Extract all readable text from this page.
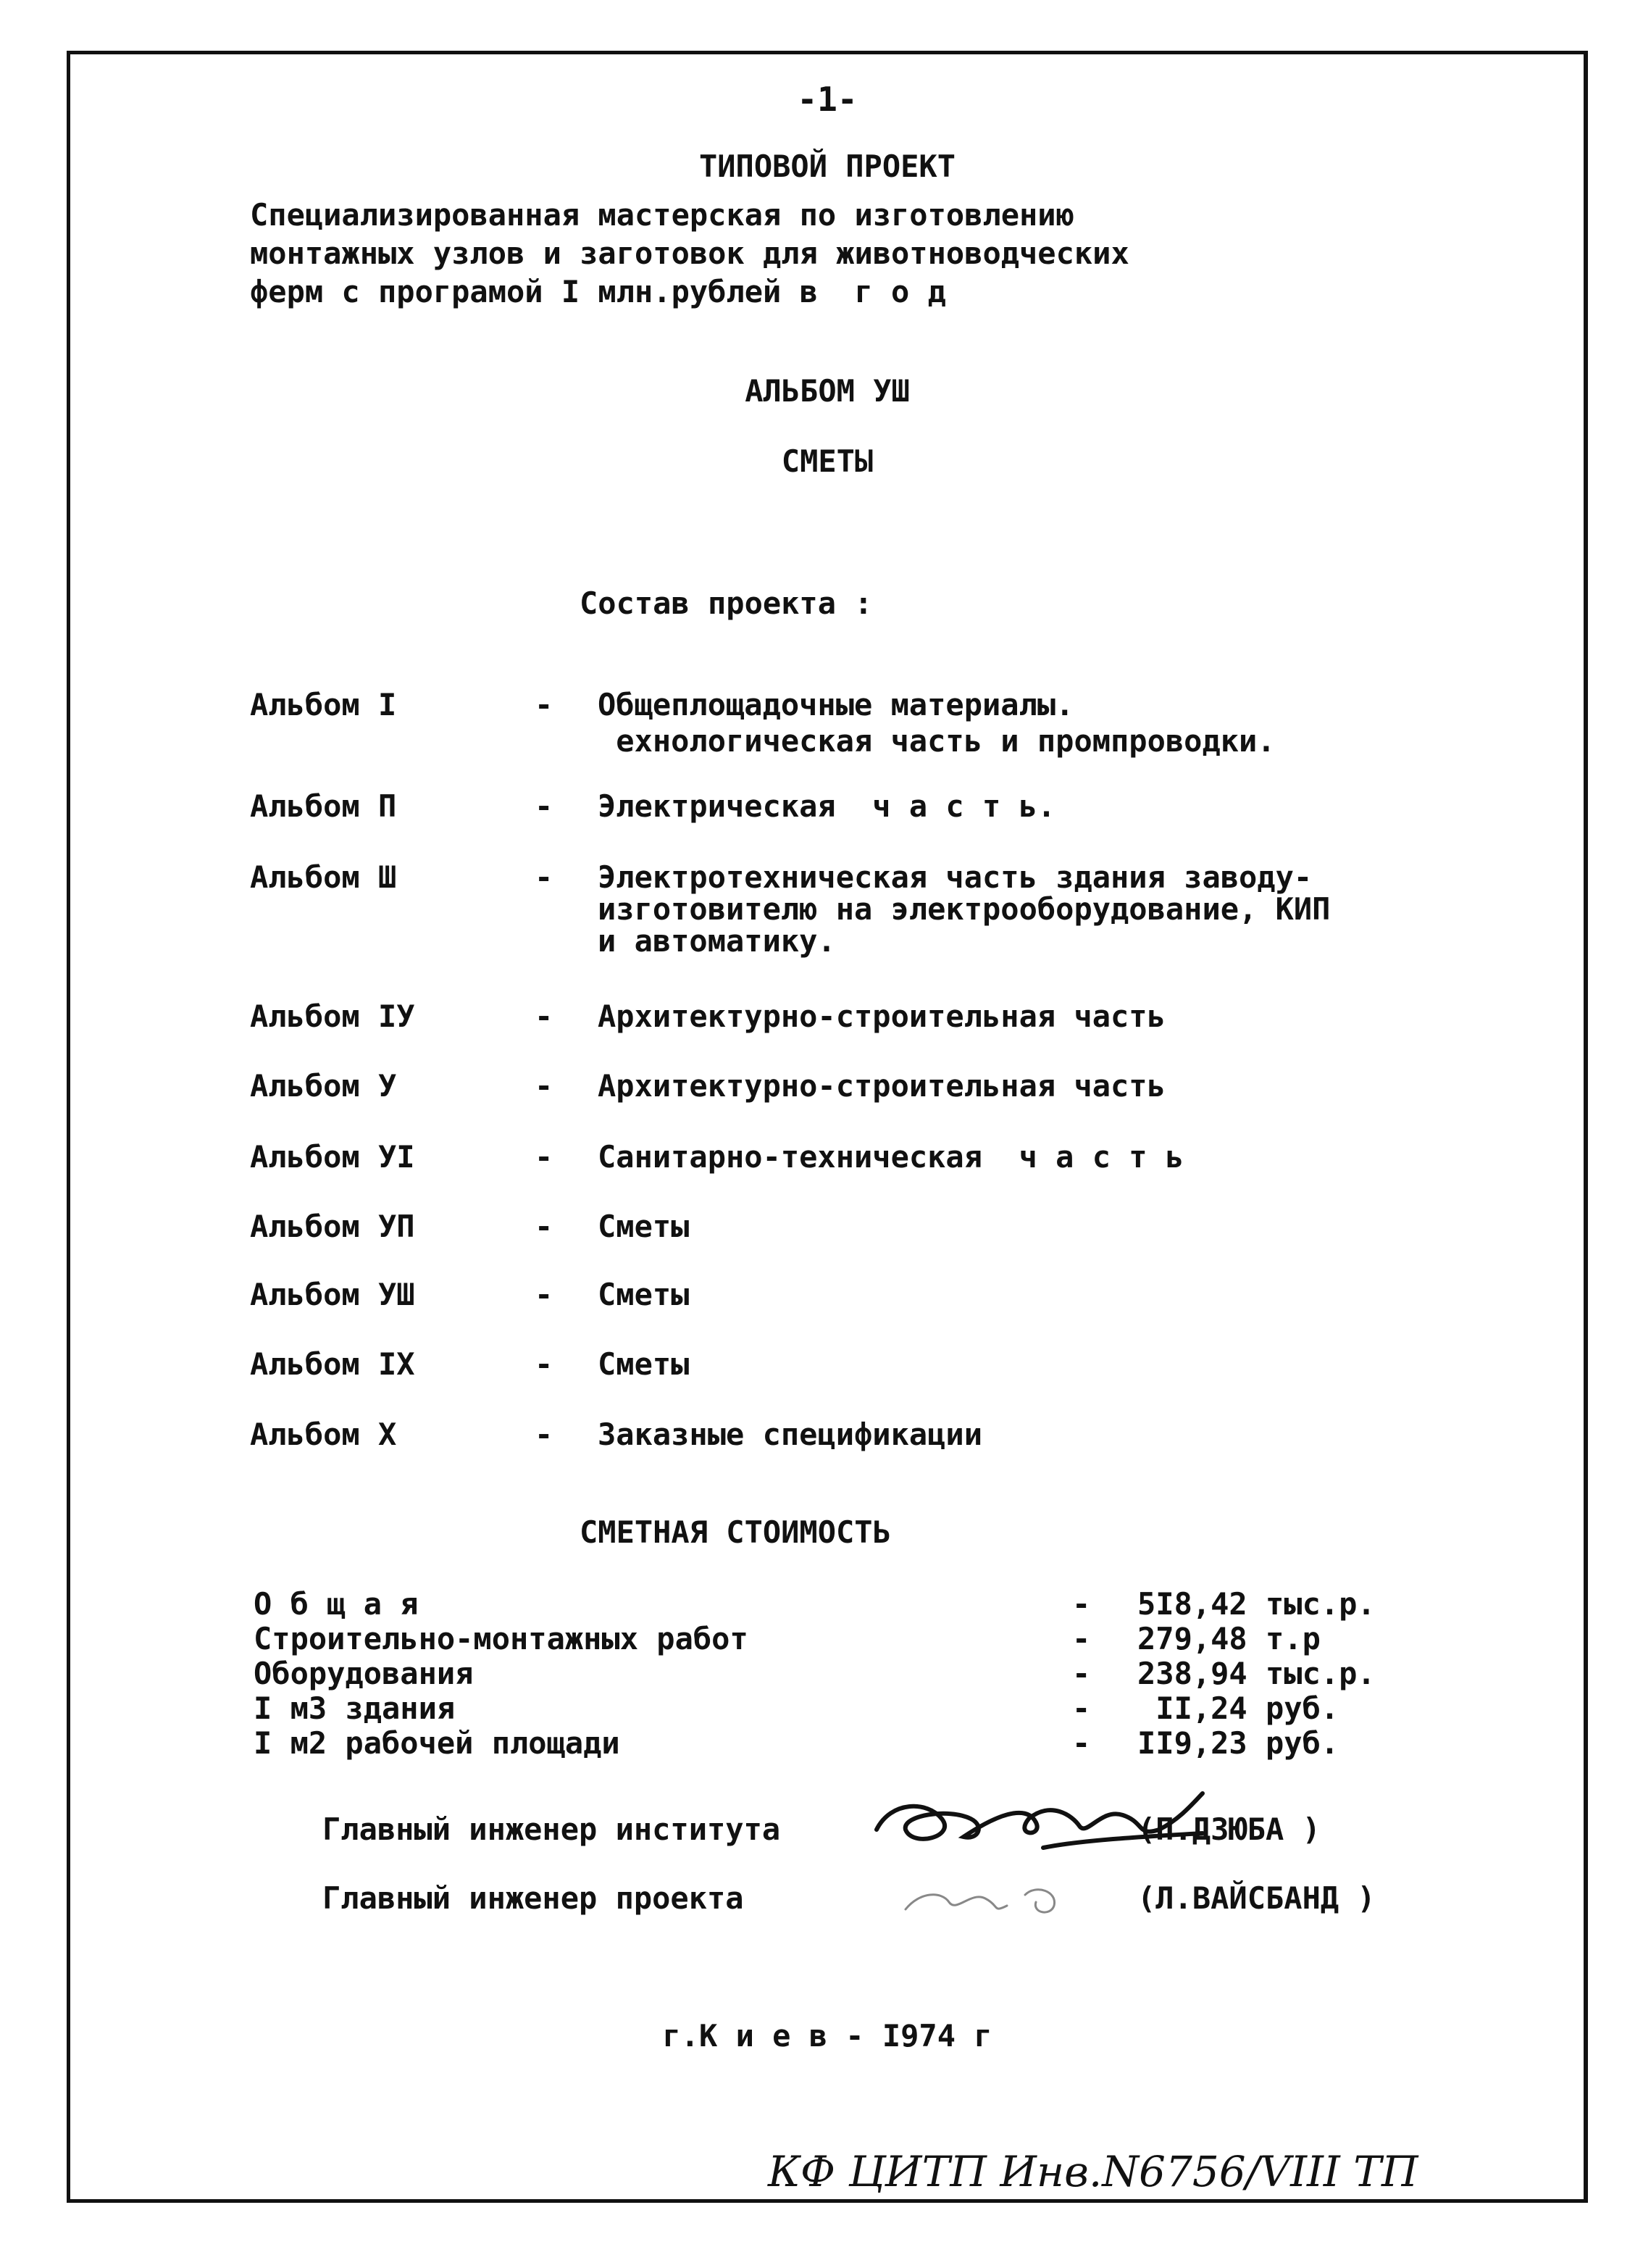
-1-
ТИПОВОЙ ПРОЕКТ
Специализированная мастерская по изготовлению
монтажных узлов и заготовок для животноводческих
ферм с програмой I млн.рублей в  г о д
АЛЬБОМ УШ
СМЕТЫ
Состав проекта :
Альбом I	- Общеплощадочные материалы.
ехнологическая часть и промпроводки.
Альбом П	- Электрическая  ч а с т ь.
Альбом Ш	- Электротехническая часть здания заводу-
изготовителю на электрооборудование, КИП
и автоматику.
Альбом IУ	- Архитектурно-строительная часть
Альбом У	- Архитектурно-строительная часть
Альбом УI	- Санитарно-техническая  ч а с т ь
Альбом УП	- Сметы
Альбом УШ	- Сметы
Альбом IX	- Сметы
Альбом X	- Заказные спецификации
СМЕТНАЯ СТОИМОСТЬ
О б щ а я	- 5I8,42 тыс.р.
Строительно-монтажных работ	- 279,48 т.р
Оборудования	- 238,94 тыс.р.
I м3 здания	- II,24 руб.
I м2 рабочей площади	- II9,23 руб.
Главный инженер института	(П.ДЗЮБА )
Главный инженер проекта	(Л.ВАЙСБАНД )
г.К и е в - I974 г
КФ ЦИТП Инв.N6756/VIII ТП
